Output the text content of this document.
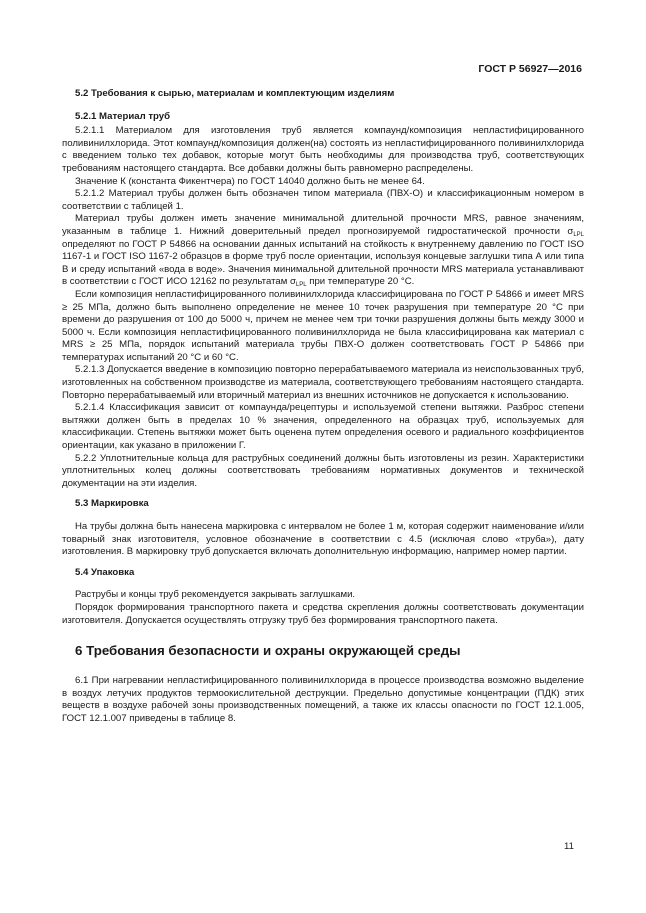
ГОСТ Р 56927—2016
5.2 Требования к сырью, материалам и комплектующим изделиям
5.2.1 Материал труб

5.2.1.1 Материалом для изготовления труб является компаунд/композиция непластифицированного поливинилхлорида. Этот компаунд/композиция должен(на) состоять из непластифицированного поливинилхлорида с введением только тех добавок, которые могут быть необходимы для производства труб, соответствующих требованиям настоящего стандарта. Все добавки должны быть равномерно распределены.

Значение К (константа Фикентчера) по ГОСТ 14040 должно быть не менее 64.

5.2.1.2 Материал трубы должен быть обозначен типом материала (ПВХ-О) и классификационным номером в соответствии с таблицей 1.

Материал трубы должен иметь значение минимальной длительной прочности MRS, равное значениям, указанным в таблице 1. Нижний доверительный предел прогнозируемой гидростатической прочности $\sigma_{LPL}$ определяют по ГОСТ Р 54866 на основании данных испытаний на стойкость к внутреннему давлению по ГОСТ ISO 1167-1 и ГОСТ ISO 1167-2 образцов в форме труб после ориентации, используя концевые заглушки типа А или типа В и среду испытаний «вода в воде». Значения минимальной длительной прочности MRS материала устанавливают в соответствии с ГОСТ ИСО 12162 по результатам $\sigma_{LPL}$ при температуре 20 °С.

Если композиция непластифицированного поливинилхлорида классифицирована по ГОСТ Р 54866 и имеет MRS ≥ 25 МПа, должно быть выполнено определение не менее 10 точек разрушения при температуре 20 °С при времени до разрушения от 100 до 5000 ч, причем не менее чем три точки разрушения должны быть между 3000 и 5000 ч. Если композиция непластифицированного поливинилхлорида не была классифицирована как материал с MRS ≥ 25 МПа, порядок испытаний материала трубы ПВХ-О должен соответствовать ГОСТ Р 54866 при температурах испытаний 20 °С и 60 °С.

5.2.1.3 Допускается введение в композицию повторно перерабатываемого материала из неиспользованных труб, изготовленных на собственном производстве из материала, соответствующего требованиям настоящего стандарта. Повторно перерабатываемый или вторичный материал из внешних источников не допускается к использованию.

5.2.1.4 Классификация зависит от компаунда/рецептуры и используемой степени вытяжки. Разброс степени вытяжки должен быть в пределах 10 % значения, определенного на образцах труб, используемых для классификации. Степень вытяжки может быть оценена путем определения осевого и радиального коэффициентов ориентации, как указано в приложении Г.

5.2.2 Уплотнительные кольца для раструбных соединений должны быть изготовлены из резин. Характеристики уплотнительных колец должны соответствовать требованиям нормативных документов и технической документации на эти изделия.

5.3 Маркировка

На трубы должна быть нанесена маркировка с интервалом не более 1 м, которая содержит наименование и/или товарный знак изготовителя, условное обозначение в соответствии с 4.5 (исключая слово «труба»), дату изготовления. В маркировку труб допускается включать дополнительную информацию, например номер партии.

5.4 Упаковка

Раструбы и концы труб рекомендуется закрывать заглушками.

Порядок формирования транспортного пакета и средства скрепления должны соответствовать документации изготовителя. Допускается осуществлять отгрузку труб без формирования транспортного пакета.

6 Требования безопасности и охраны окружающей среды

6.1 При нагревании непластифицированного поливинилхлорида в процессе производства возможно выделение в воздух летучих продуктов термоокислительной деструкции. Предельно допустимые концентрации (ПДК) этих веществ в воздухе рабочей зоны производственных помещений, а также их классы опасности по ГОСТ 12.1.005, ГОСТ 12.1.007 приведены в таблице 8.

11
